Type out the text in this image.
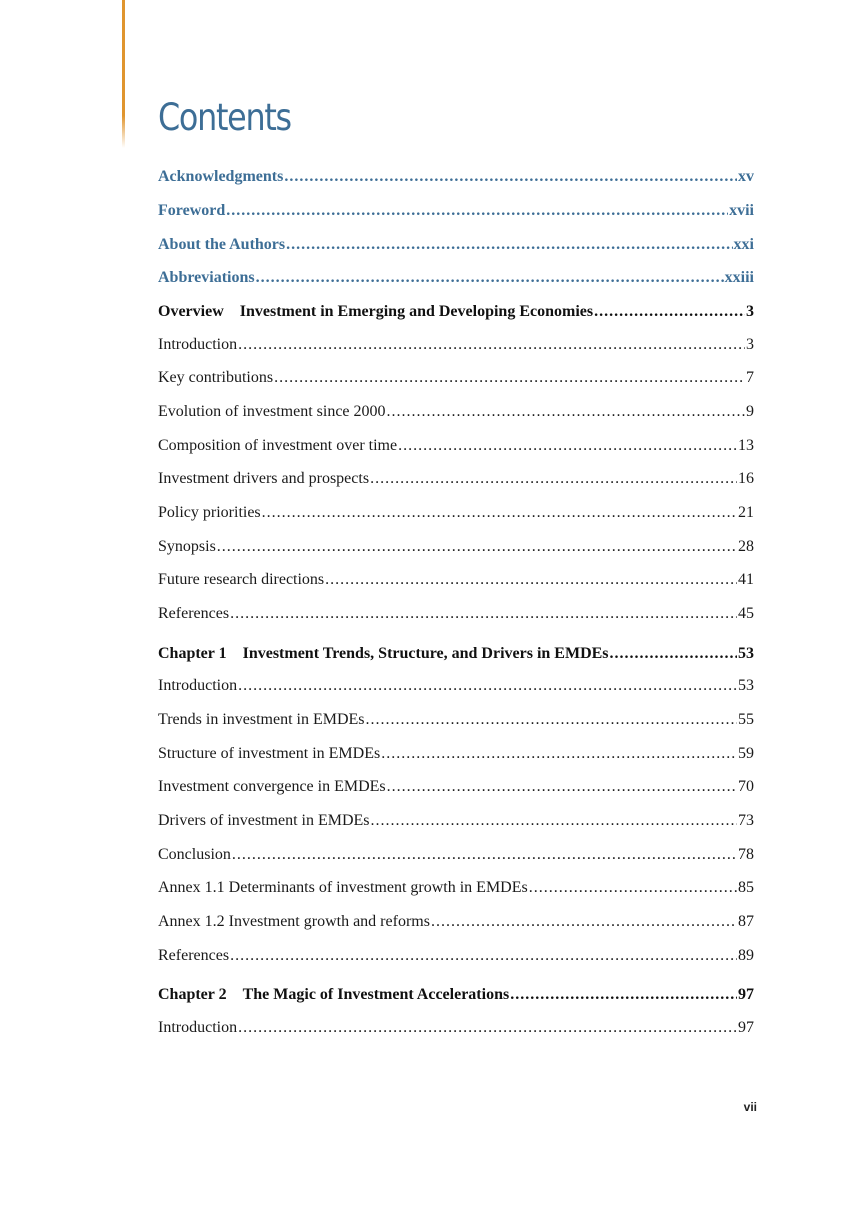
Contents
Acknowledgments .....	xv
Foreword .....	xvii
About the Authors .....	xxi
Abbreviations .....	xxiii
Overview Investment in Emerging and Developing Economies .....	3
Introduction .....	3
Key contributions .....	7
Evolution of investment since 2000 .....	9
Composition of investment over time .....	13
Investment drivers and prospects .....	16
Policy priorities .....	21
Synopsis .....	28
Future research directions .....	41
References .....	45
Chapter 1 Investment Trends, Structure, and Drivers in EMDEs .....	53
Introduction .....	53
Trends in investment in EMDEs .....	55
Structure of investment in EMDEs .....	59
Investment convergence in EMDEs .....	70
Drivers of investment in EMDEs .....	73
Conclusion .....	78
Annex 1.1 Determinants of investment growth in EMDEs .....	85
Annex 1.2 Investment growth and reforms .....	87
References .....	89
Chapter 2 The Magic of Investment Accelerations .....	97
Introduction .....	97
vii
